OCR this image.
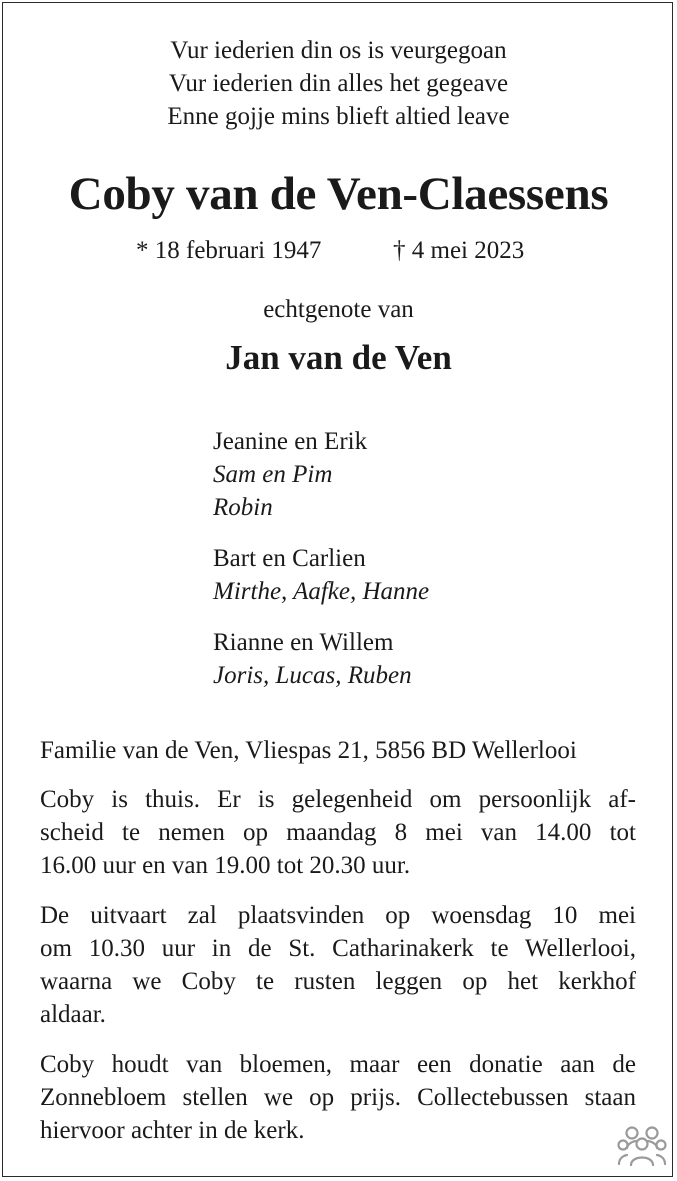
Vur iederien din os is veurgegoan
Vur iederien din alles het gegeave
Enne gojje mins blieft altied leave
Coby van de Ven-Claessens
* 18 februari 1947	† 4 mei 2023
echtgenote van
Jan van de Ven
Jeanine en Erik
Sam en Pim
Robin
Bart en Carlien
Mirthe, Aafke, Hanne
Rianne en Willem
Joris, Lucas, Ruben
Familie van de Ven, Vliespas 21, 5856 BD Wellerlooi
Coby is thuis. Er is gelegenheid om persoonlijk af-
scheid te nemen op maandag 8 mei van 14.00 tot
16.00 uur en van 19.00 tot 20.30 uur.
De uitvaart zal plaatsvinden op woensdag 10 mei
om 10.30 uur in de St. Catharinakerk te Wellerlooi,
waarna we Coby te rusten leggen op het kerkhof
aldaar.
Coby houdt van bloemen, maar een donatie aan de
Zonnebloem stellen we op prijs. Collectebussen staan
hiervoor achter in de kerk.
